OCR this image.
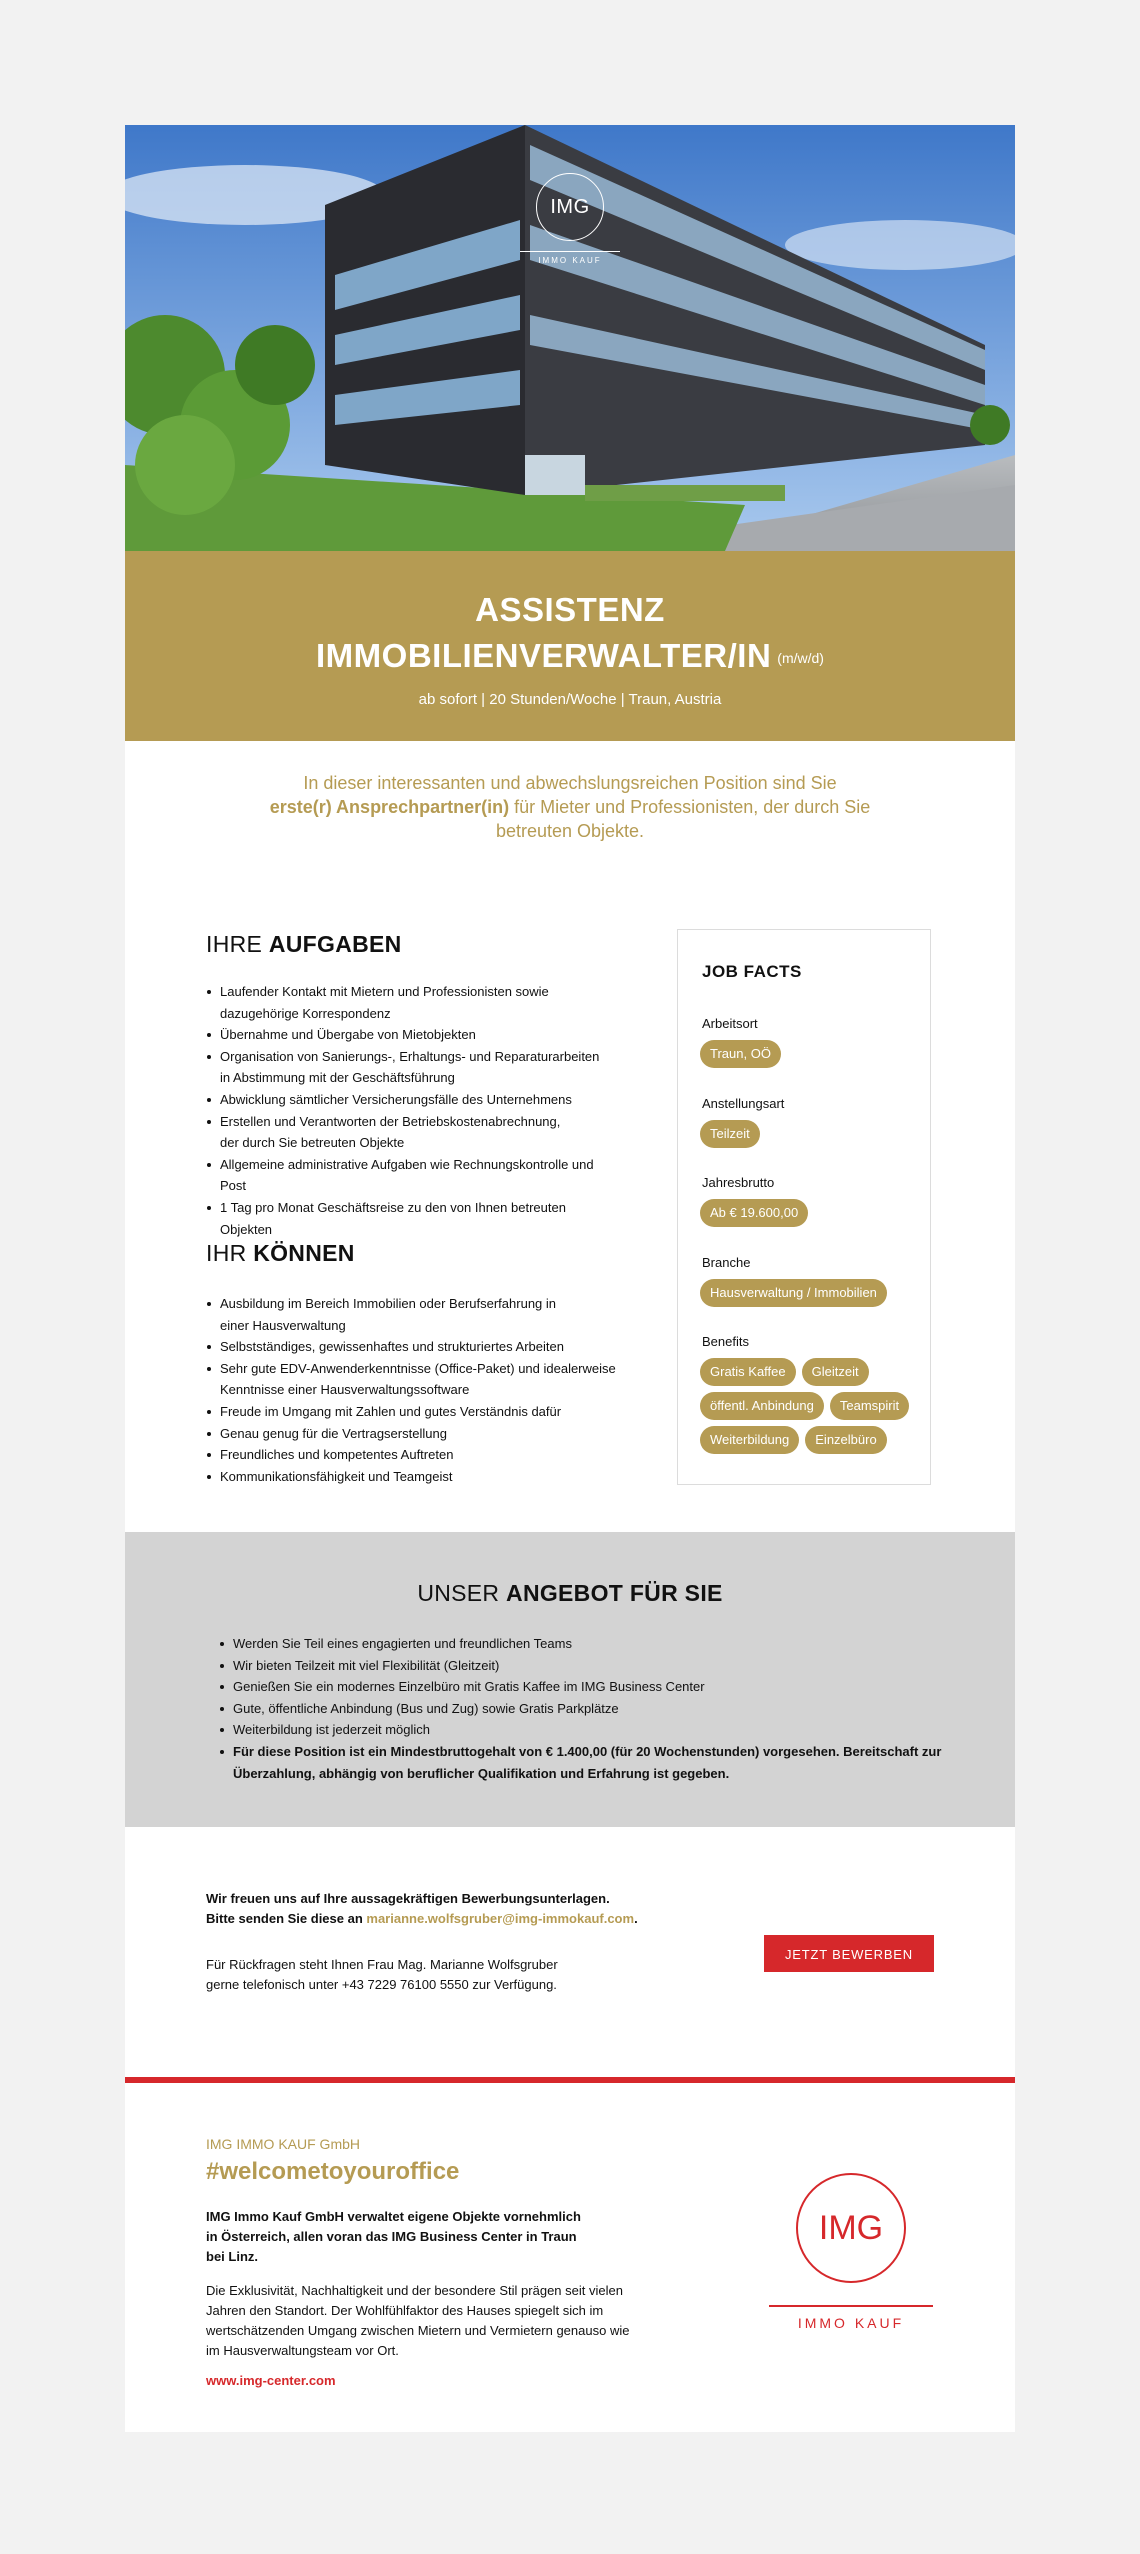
IMG
IMMO KAUF
ASSISTENZ
IMMOBILIENVERWALTER/IN (m/w/d)
ab sofort | 20 Stunden/Woche | Traun, Austria
In dieser interessanten und abwechslungsreichen Position sind Sie
erste(r) Ansprechpartner(in) für Mieter und Professionisten, der durch Sie betreuten Objekte.
IHRE AUFGABEN
Laufender Kontakt mit Mietern und Professionisten sowie dazugehörige Korrespondenz
Übernahme und Übergabe von Mietobjekten
Organisation von Sanierungs-, Erhaltungs- und Reparaturarbeiten in Abstimmung mit der Geschäftsführung
Abwicklung sämtlicher Versicherungsfälle des Unternehmens
Erstellen und Verantworten der Betriebskostenabrechnung, der durch Sie betreuten Objekte
Allgemeine administrative Aufgaben wie Rechnungskontrolle und Post
1 Tag pro Monat Geschäftsreise zu den von Ihnen betreuten Objekten
IHR KÖNNEN
Ausbildung im Bereich Immobilien oder Berufserfahrung in einer Hausverwaltung
Selbstständiges, gewissenhaftes und strukturiertes Arbeiten
Sehr gute EDV-Anwenderkenntnisse (Office-Paket) und idealerweise Kenntnisse einer Hausverwaltungssoftware
Freude im Umgang mit Zahlen und gutes Verständnis dafür
Genau genug für die Vertragserstellung
Freundliches und kompetentes Auftreten
Kommunikationsfähigkeit und Teamgeist
JOB FACTS
Arbeitsort
Traun, OÖ
Anstellungsart
Teilzeit
Jahresbrutto
Ab € 19.600,00
Branche
Hausverwaltung / Immobilien
Benefits
Gratis Kaffee	Gleitzeit
öffentl. Anbindung	Teamspirit
Weiterbildung	Einzelbüro
UNSER ANGEBOT FÜR SIE
Werden Sie Teil eines engagierten und freundlichen Teams
Wir bieten Teilzeit mit viel Flexibilität (Gleitzeit)
Genießen Sie ein modernes Einzelbüro mit Gratis Kaffee im IMG Business Center
Gute, öffentliche Anbindung (Bus und Zug) sowie Gratis Parkplätze
Weiterbildung ist jederzeit möglich
Für diese Position ist ein Mindestbruttogehalt von € 1.400,00 (für 20 Wochenstunden) vorgesehen. Bereitschaft zur Überzahlung, abhängig von beruflicher Qualifikation und Erfahrung ist gegeben.
Wir freuen uns auf Ihre aussagekräftigen Bewerbungsunterlagen.
Bitte senden Sie diese an marianne.wolfsgruber@img-immokauf.com.
Für Rückfragen steht Ihnen Frau Mag. Marianne Wolfsgruber
gerne telefonisch unter +43 7229 76100 5550 zur Verfügung.
JETZT BEWERBEN
IMG IMMO KAUF GmbH
#welcometoyouroffice
IMG Immo Kauf GmbH verwaltet eigene Objekte vornehmlich in Österreich, allen voran das IMG Business Center in Traun bei Linz.
Die Exklusivität, Nachhaltigkeit und der besondere Stil prägen seit vielen Jahren den Standort. Der Wohlfühlfaktor des Hauses spiegelt sich im wertschätzenden Umgang zwischen Mietern und Vermietern genauso wie im Hausverwaltungsteam vor Ort.
www.img-center.com
IMG
IMMO KAUF
